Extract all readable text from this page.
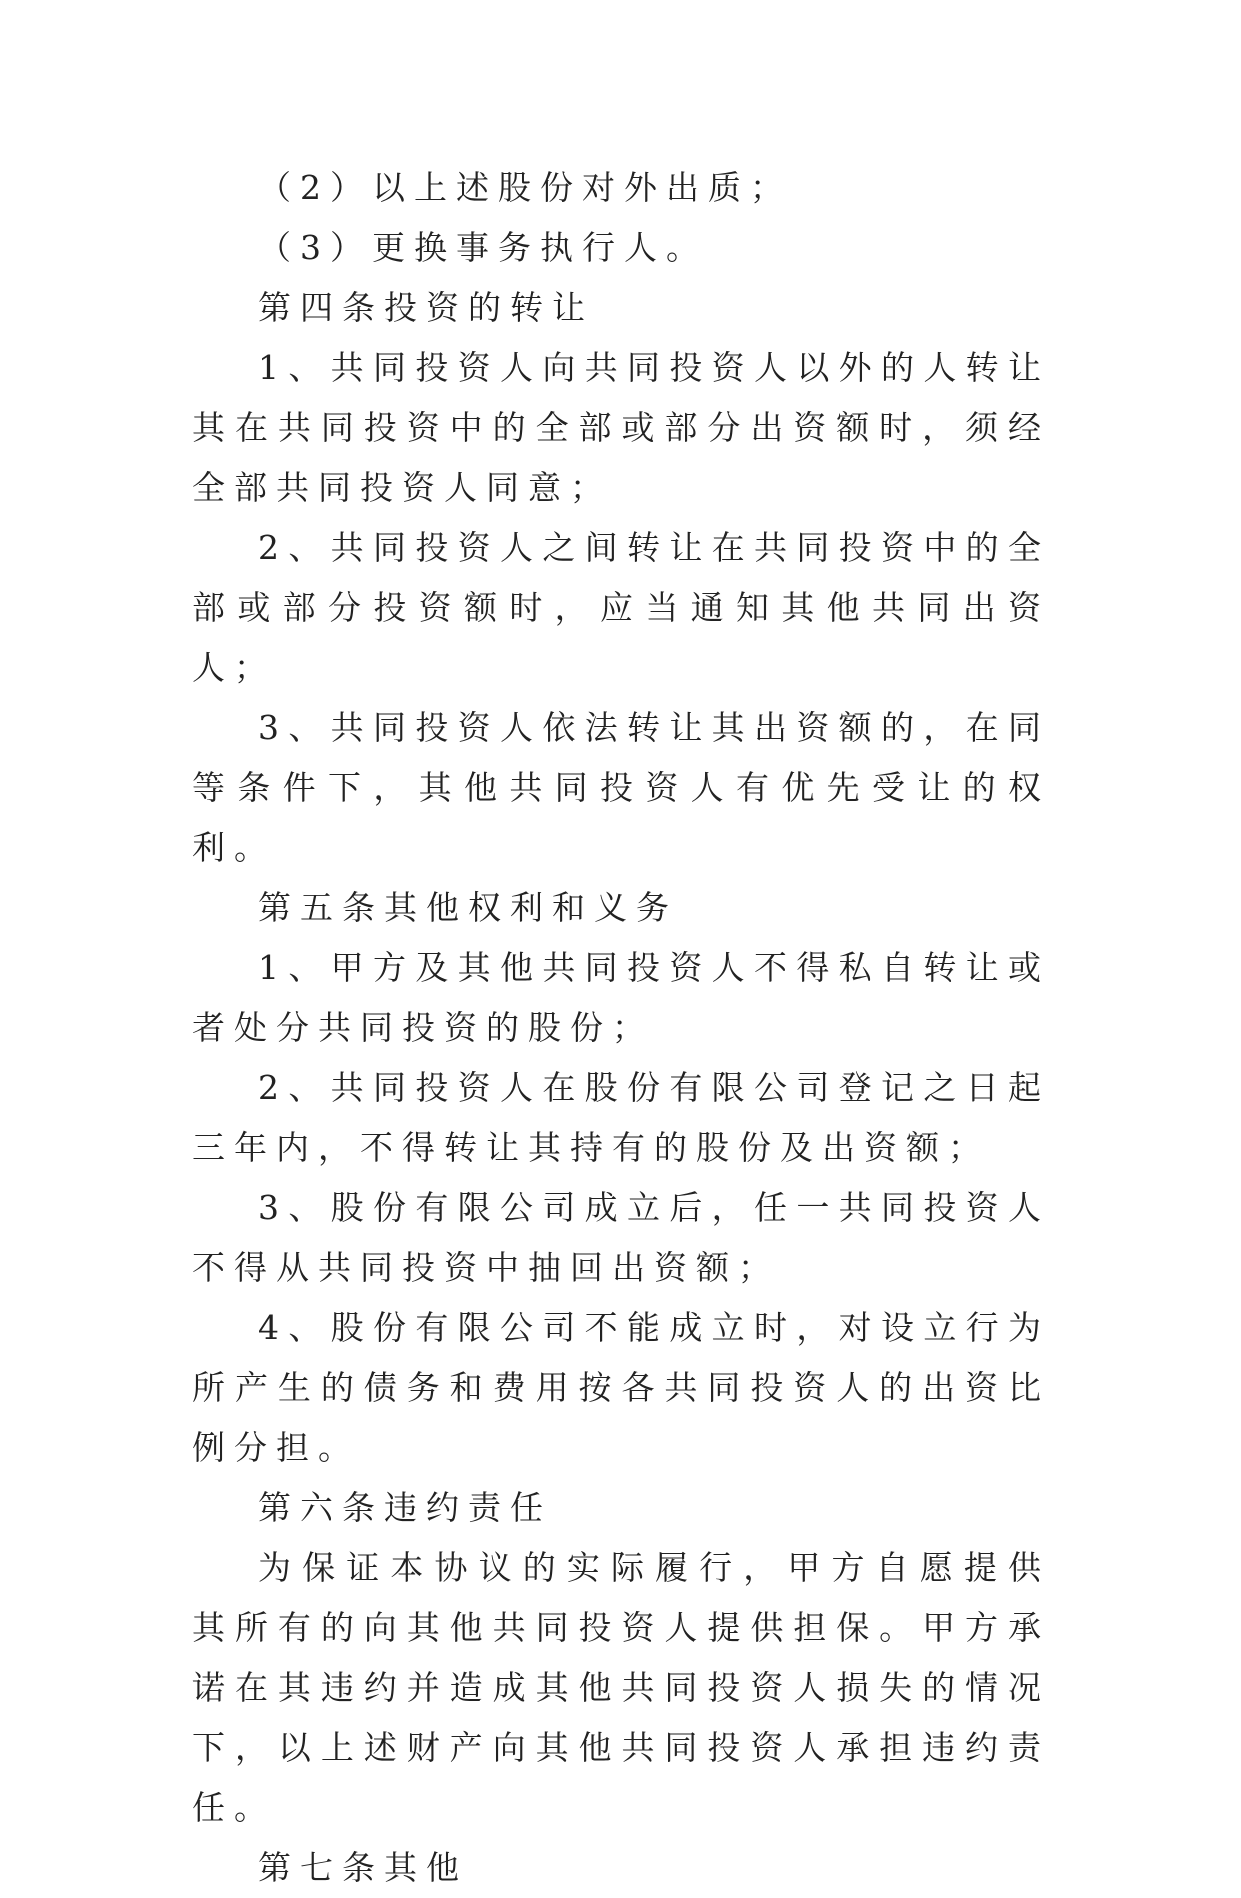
（2）以上述股份对外出质；

（3）更换事务执行人。

第四条投资的转让

1、共同投资人向共同投资人以外的人转让其在共同投资中的全部或部分出资额时，须经全部共同投资人同意；

2、共同投资人之间转让在共同投资中的全部或部分投资额时，应当通知其他共同出资人；

3、共同投资人依法转让其出资额的，在同等条件下，其他共同投资人有优先受让的权利。

第五条其他权利和义务

1、甲方及其他共同投资人不得私自转让或者处分共同投资的股份；

2、共同投资人在股份有限公司登记之日起三年内，不得转让其持有的股份及出资额；

3、股份有限公司成立后，任一共同投资人不得从共同投资中抽回出资额；

4、股份有限公司不能成立时，对设立行为所产生的债务和费用按各共同投资人的出资比例分担。

第六条违约责任

为保证本协议的实际履行，甲方自愿提供其所有的向其他共同投资人提供担保。甲方承诺在其违约并造成其他共同投资人损失的情况下，以上述财产向其他共同投资人承担违约责任。

第七条其他
